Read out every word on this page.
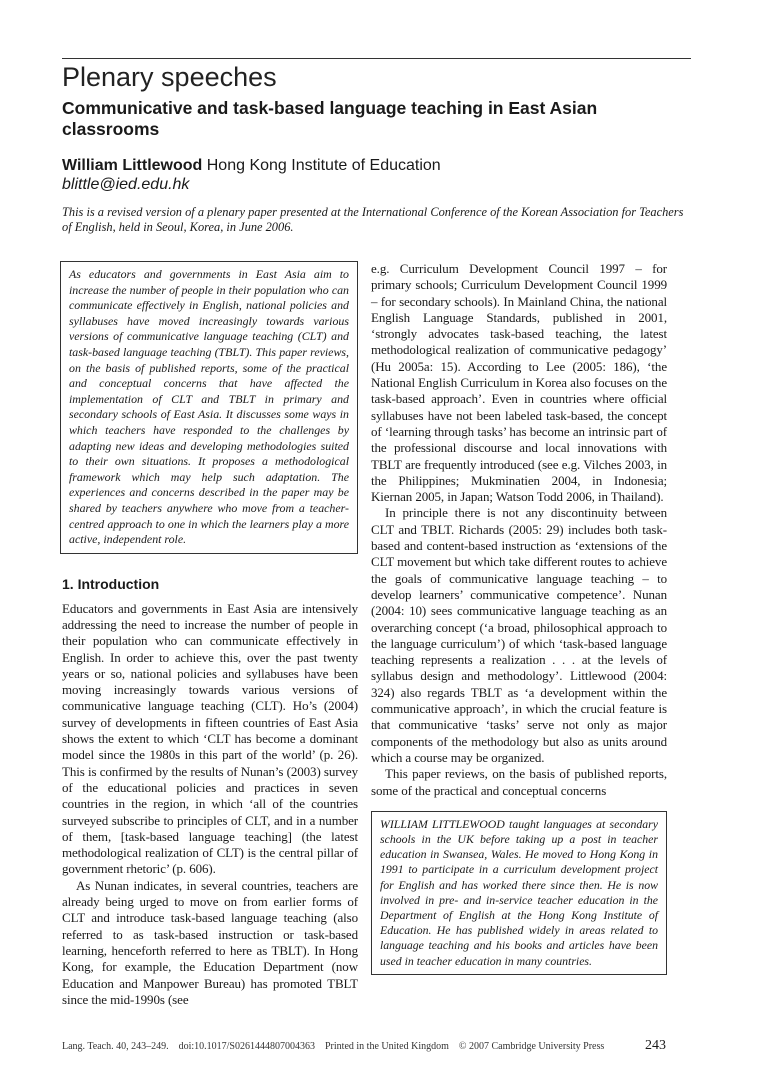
Plenary speeches
Communicative and task-based language teaching in East Asian classrooms
William Littlewood Hong Kong Institute of Education
blittle@ied.edu.hk
This is a revised version of a plenary paper presented at the International Conference of the Korean Association for Teachers of English, held in Seoul, Korea, in June 2006.
As educators and governments in East Asia aim to increase the number of people in their population who can communicate effectively in English, national policies and syllabuses have moved increasingly towards various versions of communicative language teaching (CLT) and task-based language teaching (TBLT). This paper reviews, on the basis of published reports, some of the practical and conceptual concerns that have affected the implementation of CLT and TBLT in primary and secondary schools of East Asia. It discusses some ways in which teachers have responded to the challenges by adapting new ideas and developing methodologies suited to their own situations. It proposes a methodological framework which may help such adaptation. The experiences and concerns described in the paper may be shared by teachers anywhere who move from a teacher-centred approach to one in which the learners play a more active, independent role.
1. Introduction

Educators and governments in East Asia are intensively addressing the need to increase the number of people in their population who can communicate effectively in English. In order to achieve this, over the past twenty years or so, national policies and syllabuses have been moving increasingly towards various versions of communicative language teaching (CLT). Ho’s (2004) survey of developments in fifteen countries of East Asia shows the extent to which ‘CLT has become a dominant model since the 1980s in this part of the world’ (p. 26). This is confirmed by the results of Nunan’s (2003) survey of the educational policies and practices in seven countries in the region, in which ‘all of the countries surveyed subscribe to principles of CLT, and in a number of them, [task-based language teaching] (the latest methodological realization of CLT) is the central pillar of government rhetoric’ (p. 606).

As Nunan indicates, in several countries, teachers are already being urged to move on from earlier forms of CLT and introduce task-based language teaching (also referred to as task-based instruction or task-based learning, henceforth referred to here as TBLT). In Hong Kong, for example, the Education Department (now Education and Manpower Bureau) has promoted TBLT since the mid-1990s (see

e.g. Curriculum Development Council 1997 – for primary schools; Curriculum Development Council 1999 – for secondary schools). In Mainland China, the national English Language Standards, published in 2001, ‘strongly advocates task-based teaching, the latest methodological realization of communicative pedagogy’ (Hu 2005a: 15). According to Lee (2005: 186), ‘the National English Curriculum in Korea also focuses on the task-based approach’. Even in countries where official syllabuses have not been labeled task-based, the concept of ‘learning through tasks’ has become an intrinsic part of the professional discourse and local innovations with TBLT are frequently introduced (see e.g. Vilches 2003, in the Philippines; Mukminatien 2004, in Indonesia; Kiernan 2005, in Japan; Watson Todd 2006, in Thailand).

In principle there is not any discontinuity between CLT and TBLT. Richards (2005: 29) includes both task-based and content-based instruction as ‘extensions of the CLT movement but which take different routes to achieve the goals of communicative language teaching – to develop learners’ communicative competence’. Nunan (2004: 10) sees communicative language teaching as an overarching concept (‘a broad, philosophical approach to the language curriculum’) of which ‘task-based language teaching represents a realization . . . at the levels of syllabus design and methodology’. Littlewood (2004: 324) also regards TBLT as ‘a development within the communicative approach’, in which the crucial feature is that communicative ‘tasks’ serve not only as major components of the methodology but also as units around which a course may be organized.

This paper reviews, on the basis of published reports, some of the practical and conceptual concerns

WILLIAM LITTLEWOOD taught languages at secondary schools in the UK before taking up a post in teacher education in Swansea, Wales. He moved to Hong Kong in 1991 to participate in a curriculum development project for English and has worked there since then. He is now involved in pre- and in-service teacher education in the Department of English at the Hong Kong Institute of Education. He has published widely in areas related to language teaching and his books and articles have been used in teacher education in many countries.
Lang. Teach. 40, 243–249. doi:10.1017/S0261444807004363 Printed in the United Kingdom © 2007 Cambridge University Press	243
